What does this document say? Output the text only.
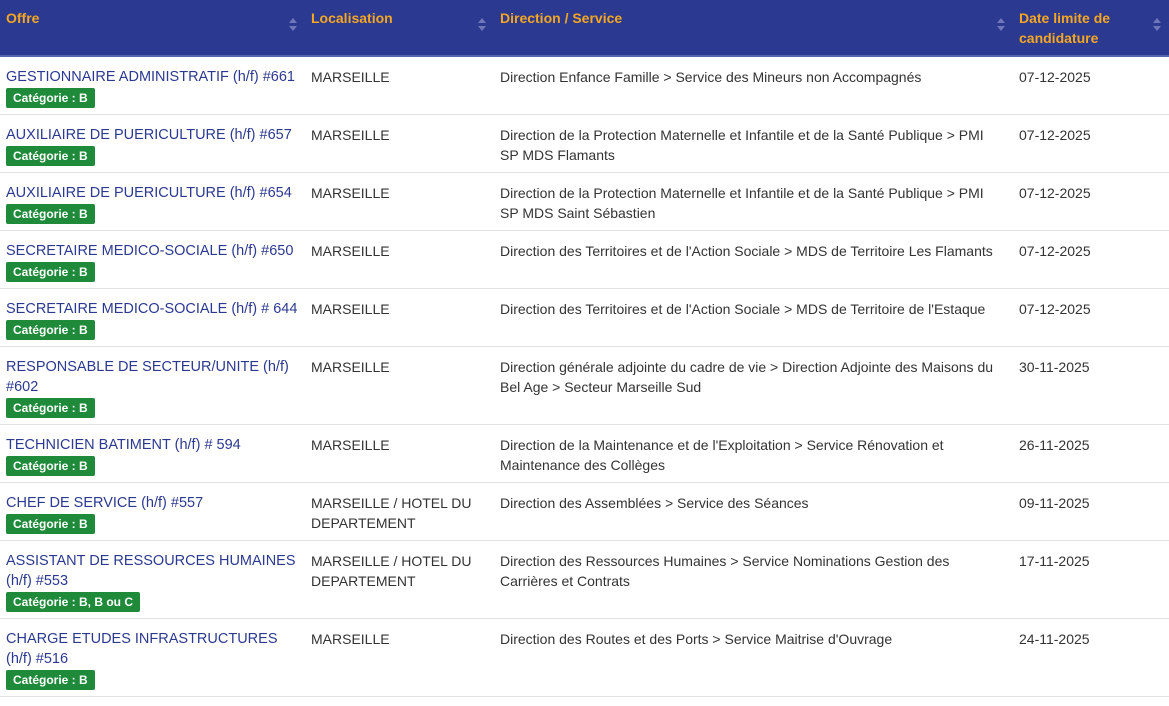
Offre	Localisation	Direction / Service	Date limite de candidature

GESTIONNAIRE ADMINISTRATIF (h/f) #661
Catégorie : B	MARSEILLE	Direction Enfance Famille > Service des Mineurs non Accompagnés	07-12-2025

AUXILIAIRE DE PUERICULTURE (h/f) #657
Catégorie : B	MARSEILLE	Direction de la Protection Maternelle et Infantile et de la Santé Publique > PMI SP MDS Flamants	07-12-2025

AUXILIAIRE DE PUERICULTURE (h/f) #654
Catégorie : B	MARSEILLE	Direction de la Protection Maternelle et Infantile et de la Santé Publique > PMI SP MDS Saint Sébastien	07-12-2025

SECRETAIRE MEDICO-SOCIALE (h/f) #650
Catégorie : B	MARSEILLE	Direction des Territoires et de l'Action Sociale > MDS de Territoire Les Flamants	07-12-2025

SECRETAIRE MEDICO-SOCIALE (h/f) # 644
Catégorie : B	MARSEILLE	Direction des Territoires et de l'Action Sociale > MDS de Territoire de l'Estaque	07-12-2025

RESPONSABLE DE SECTEUR/UNITE (h/f) #602
Catégorie : B	MARSEILLE	Direction générale adjointe du cadre de vie > Direction Adjointe des Maisons du Bel Age > Secteur Marseille Sud	30-11-2025

TECHNICIEN BATIMENT (h/f) # 594
Catégorie : B	MARSEILLE	Direction de la Maintenance et de l'Exploitation > Service Rénovation et Maintenance des Collèges	26-11-2025

CHEF DE SERVICE (h/f) #557
Catégorie : B	MARSEILLE / HOTEL DU DEPARTEMENT	Direction des Assemblées > Service des Séances	09-11-2025

ASSISTANT DE RESSOURCES HUMAINES (h/f) #553
Catégorie : B, B ou C	MARSEILLE / HOTEL DU DEPARTEMENT	Direction des Ressources Humaines > Service Nominations Gestion des Carrières et Contrats	17-11-2025

CHARGE ETUDES INFRASTRUCTURES (h/f) #516
Catégorie : B	MARSEILLE	Direction des Routes et des Ports > Service Maitrise d'Ouvrage	24-11-2025
